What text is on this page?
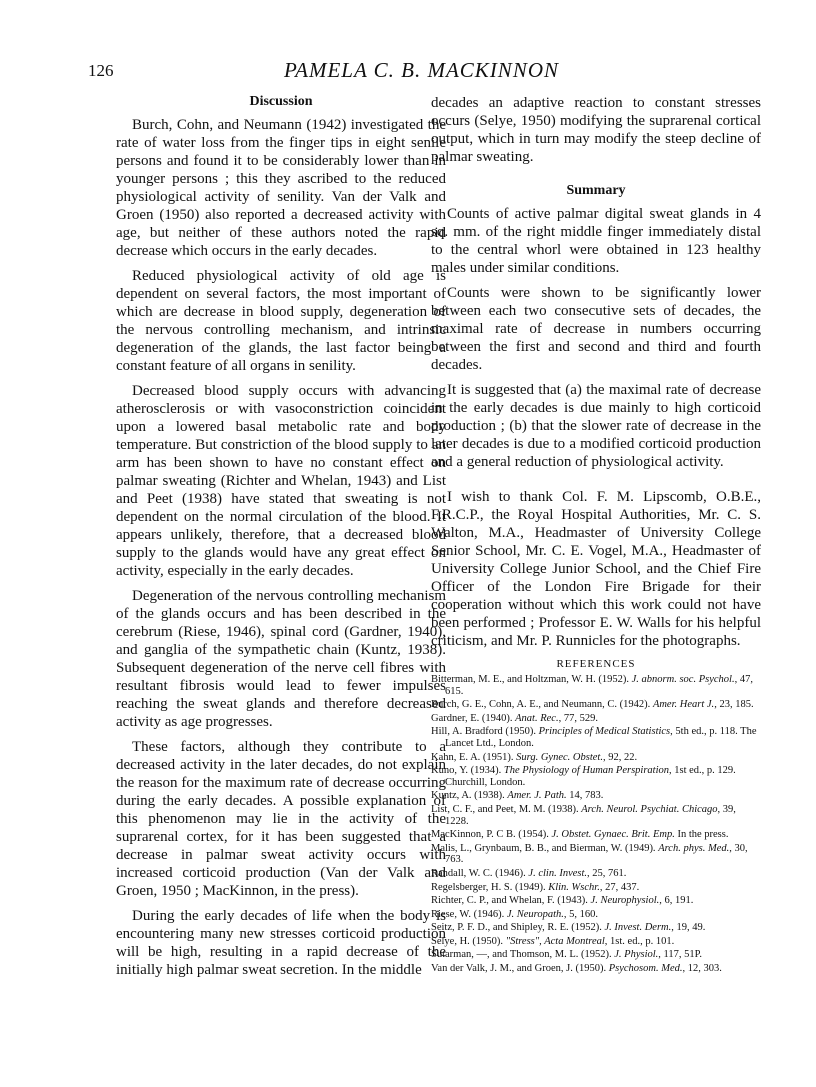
126	PAMELA C. B. MACKINNON
Discussion

Burch, Cohn, and Neumann (1942) investigated the rate of water loss from the finger tips in eight senile persons and found it to be considerably lower than in younger persons ; this they ascribed to the reduced physiological activity of senility. Van der Valk and Groen (1950) also reported a decreased activity with age, but neither of these authors noted the rapid decrease which occurs in the early decades.

Reduced physiological activity of old age is dependent on several factors, the most important of which are decrease in blood supply, degeneration of the nervous controlling mechanism, and intrinsic degeneration of the glands, the last factor being a constant feature of all organs in senility.

Decreased blood supply occurs with advancing atherosclerosis or with vasoconstriction coincident upon a lowered basal metabolic rate and body temperature. But constriction of the blood supply to an arm has been shown to have no constant effect on palmar sweating (Richter and Whelan, 1943) and List and Peet (1938) have stated that sweating is not dependent on the normal circulation of the blood. It appears unlikely, therefore, that a decreased blood supply to the glands would have any great effect on activity, especially in the early decades.

Degeneration of the nervous controlling mechanism of the glands occurs and has been described in the cerebrum (Riese, 1946), spinal cord (Gardner, 1940), and ganglia of the sympathetic chain (Kuntz, 1938). Subsequent degeneration of the nerve cell fibres with resultant fibrosis would lead to fewer impulses reaching the sweat glands and therefore decreased activity as age progresses.

These factors, although they contribute to a decreased activity in the later decades, do not explain the reason for the maximum rate of decrease occurring during the early decades. A possible explanation of this phenomenon may lie in the activity of the suprarenal cortex, for it has been suggested that a decrease in palmar sweat activity occurs with increased corticoid production (Van der Valk and Groen, 1950 ; MacKinnon, in the press).

During the early decades of life when the body is encountering many new stresses corticoid production will be high, resulting in a rapid decrease of the initially high palmar sweat secretion. In the middle

decades an adaptive reaction to constant stresses occurs (Selye, 1950) modifying the suprarenal cortical output, which in turn may modify the steep decline of palmar sweating.

Summary

Counts of active palmar digital sweat glands in 4 sq. mm. of the right middle finger immediately distal to the central whorl were obtained in 123 healthy males under similar conditions.

Counts were shown to be significantly lower between each two consecutive sets of decades, the maximal rate of decrease in numbers occurring between the first and second and third and fourth decades.

It is suggested that (a) the maximal rate of decrease in the early decades is due mainly to high corticoid production ; (b) that the slower rate of decrease in the later decades is due to a modified corticoid production and a general reduction of physiological activity.

I wish to thank Col. F. M. Lipscomb, O.B.E., F.R.C.P., the Royal Hospital Authorities, Mr. C. S. Walton, M.A., Headmaster of University College Senior School, Mr. C. E. Vogel, M.A., Headmaster of University College Junior School, and the Chief Fire Officer of the London Fire Brigade for their cooperation without which this work could not have been performed ; Professor E. W. Walls for his helpful criticism, and Mr. P. Runnicles for the photographs.

REFERENCES

Bitterman, M. E., and Holtzman, W. H. (1952). J. abnorm. soc. Psychol., 47, 615.

Burch, G. E., Cohn, A. E., and Neumann, C. (1942). Amer. Heart J., 23, 185.

Gardner, E. (1940). Anat. Rec., 77, 529.

Hill, A. Bradford (1950). Principles of Medical Statistics, 5th ed., p. 118. The Lancet Ltd., London.

Kahn, E. A. (1951). Surg. Gynec. Obstet., 92, 22.

Kuno, Y. (1934). The Physiology of Human Perspiration, 1st ed., p. 129. Churchill, London.

Kuntz, A. (1938). Amer. J. Path. 14, 783.

List, C. F., and Peet, M. M. (1938). Arch. Neurol. Psychiat. Chicago, 39, 1228.

MacKinnon, P. C B. (1954). J. Obstet. Gynaec. Brit. Emp. In the press.

Malis, L., Grynbaum, B. B., and Bierman, W. (1949). Arch. phys. Med., 30, 763.

Randall, W. C. (1946). J. clin. Invest., 25, 761.

Regelsberger, H. S. (1949). Klin. Wschr., 27, 437.

Richter, C. P., and Whelan, F. (1943). J. Neurophysiol., 6, 191.

Riese, W. (1946). J. Neuropath., 5, 160.

Seitz, P. F. D., and Shipley, R. E. (1952). J. Invest. Derm., 19, 49.

Selye, H. (1950). "Stress", Acta Montreal, 1st. ed., p. 101.

Sutarman, —, and Thomson, M. L. (1952). J. Physiol., 117, 51P.

Van der Valk, J. M., and Groen, J. (1950). Psychosom. Med., 12, 303.
